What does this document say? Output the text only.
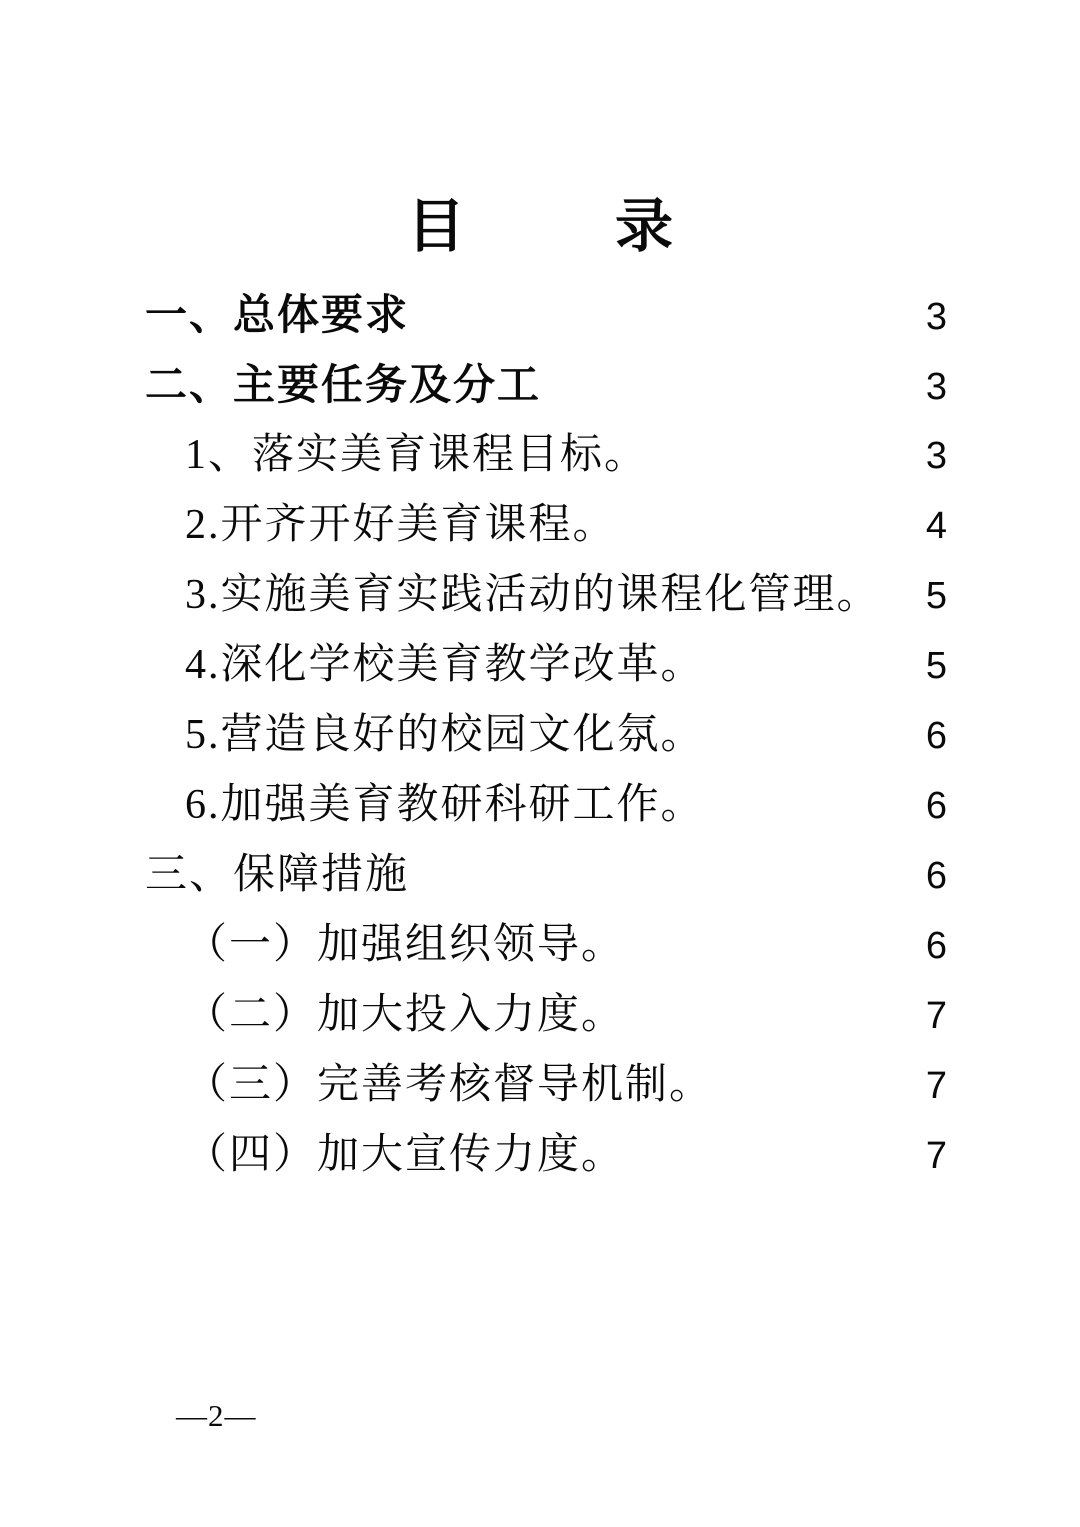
目	录
一、总体要求	3
二、主要任务及分工	3
1、落实美育课程目标。	3
2.开齐开好美育课程。	4
3.实施美育实践活动的课程化管理。 5
4.深化学校美育教学改革。	5
5.营造良好的校园文化氛。	6
6.加强美育教研科研工作。	6
三、保障措施	6
（一）加强组织领导。	6
（二）加大投入力度。	7
（三）完善考核督导机制。	7
（四）加大宣传力度。	7
—2—
